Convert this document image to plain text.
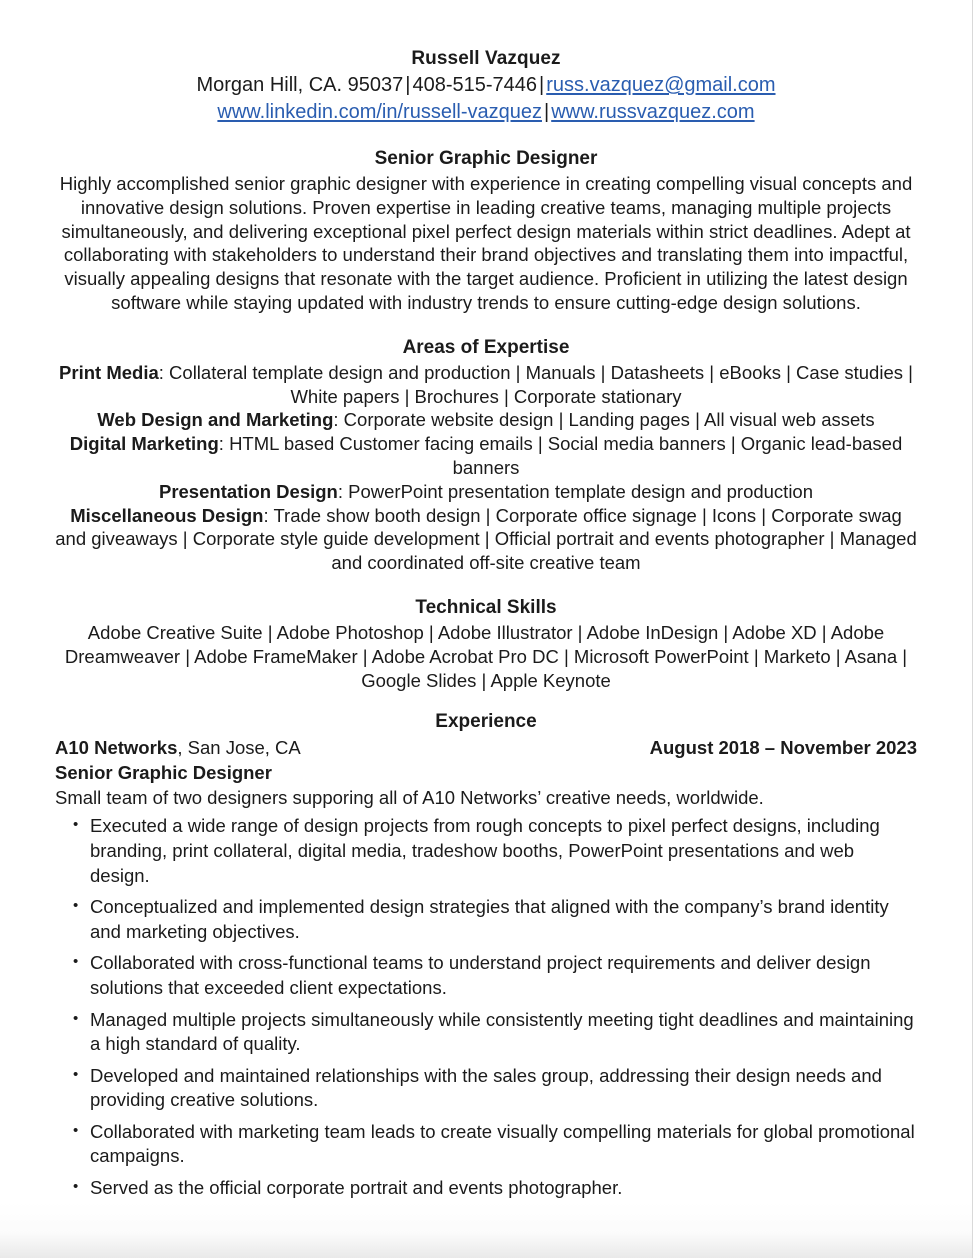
Russell Vazquez
Morgan Hill, CA. 95037 | 408-515-7446 | russ.vazquez@gmail.com
www.linkedin.com/in/russell-vazquez | www.russvazquez.com
Senior Graphic Designer

Highly accomplished senior graphic designer with experience in creating compelling visual concepts and innovative design solutions. Proven expertise in leading creative teams, managing multiple projects simultaneously, and delivering exceptional pixel perfect design materials within strict deadlines. Adept at collaborating with stakeholders to understand their brand objectives and translating them into impactful, visually appealing designs that resonate with the target audience. Proficient in utilizing the latest design software while staying updated with industry trends to ensure cutting-edge design solutions.

Areas of Expertise
Print Media: Collateral template design and production | Manuals | Datasheets | eBooks | Case studies | White papers | Brochures | Corporate stationary
Web Design and Marketing: Corporate website design | Landing pages | All visual web assets
Digital Marketing: HTML based Customer facing emails | Social media banners | Organic lead-based banners
Presentation Design: PowerPoint presentation template design and production
Miscellaneous Design: Trade show booth design | Corporate office signage | Icons | Corporate swag and giveaways | Corporate style guide development | Official portrait and events photographer | Managed and coordinated off-site creative team
Technical Skills
Adobe Creative Suite | Adobe Photoshop | Adobe Illustrator | Adobe InDesign | Adobe XD | Adobe Dreamweaver | Adobe FrameMaker | Adobe Acrobat Pro DC | Microsoft PowerPoint | Marketo | Asana | Google Slides | Apple Keynote
Experience
A10 Networks, San Jose, CA	August 2018 – November 2023
Senior Graphic Designer
Small team of two designers supporing all of A10 Networks’ creative needs, worldwide.
• Executed a wide range of design projects from rough concepts to pixel perfect designs, including branding, print collateral, digital media, tradeshow booths, PowerPoint presentations and web design.
• Conceptualized and implemented design strategies that aligned with the company’s brand identity and marketing objectives.
• Collaborated with cross-functional teams to understand project requirements and deliver design solutions that exceeded client expectations.
• Managed multiple projects simultaneously while consistently meeting tight deadlines and maintaining a high standard of quality.
• Developed and maintained relationships with the sales group, addressing their design needs and providing creative solutions.
• Collaborated with marketing team leads to create visually compelling materials for global promotional campaigns.
• Served as the official corporate portrait and events photographer.
